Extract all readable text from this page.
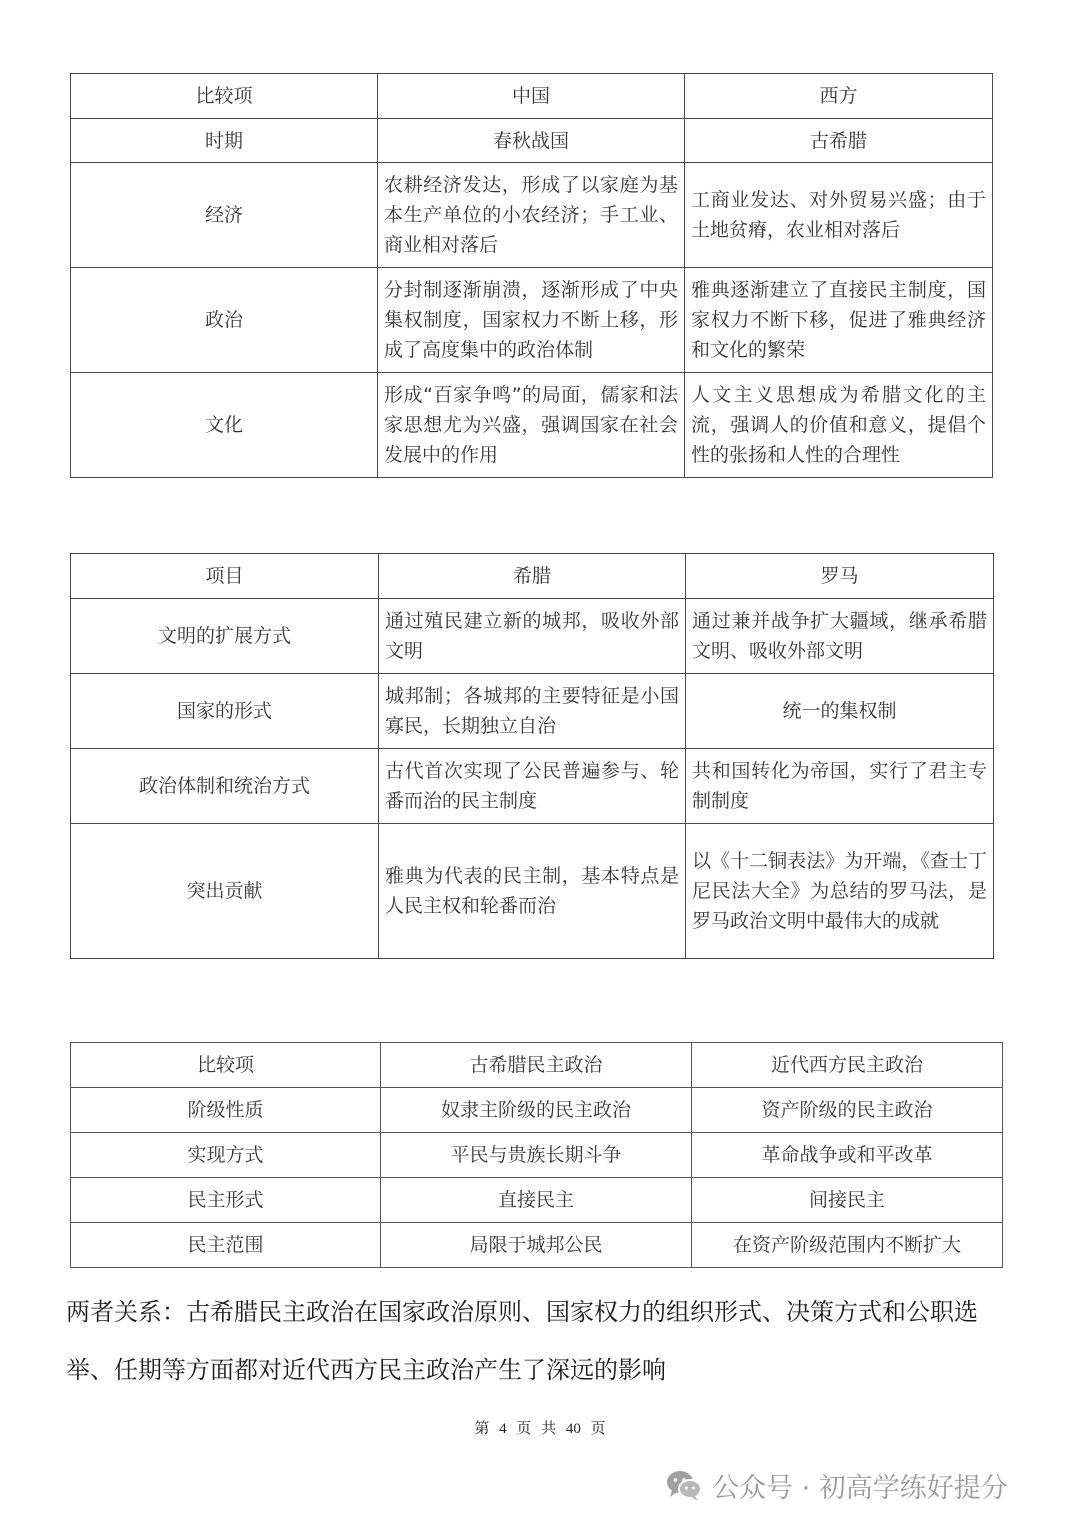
比较项	中国	西方
时期	春秋战国	古希腊
经济	农耕经济发达，形成了以家庭为基本生产单位的小农经济；手工业、商业相对落后	工商业发达、对外贸易兴盛；由于土地贫瘠，农业相对落后
政治	分封制逐渐崩溃，逐渐形成了中央集权制度，国家权力不断上移，形成了高度集中的政治体制	雅典逐渐建立了直接民主制度，国家权力不断下移，促进了雅典经济和文化的繁荣
文化	形成“百家争鸣”的局面，儒家和法家思想尤为兴盛，强调国家在社会发展中的作用	人文主义思想成为希腊文化的主流，强调人的价值和意义，提倡个性的张扬和人性的合理性
项目	希腊	罗马
文明的扩展方式	通过殖民建立新的城邦，吸收外部文明	通过兼并战争扩大疆域，继承希腊文明、吸收外部文明
国家的形式	城邦制；各城邦的主要特征是小国寡民，长期独立自治	统一的集权制
政治体制和统治方式	古代首次实现了公民普遍参与、轮番而治的民主制度	共和国转化为帝国，实行了君主专制制度
突出贡献	雅典为代表的民主制，基本特点是人民主权和轮番而治	以《十二铜表法》为开端，《查士丁尼民法大全》为总结的罗马法，是罗马政治文明中最伟大的成就
比较项	古希腊民主政治	近代西方民主政治
阶级性质	奴隶主阶级的民主政治	资产阶级的民主政治
实现方式	平民与贵族长期斗争	革命战争或和平改革
民主形式	直接民主	间接民主
民主范围	局限于城邦公民	在资产阶级范围内不断扩大

两者关系：古希腊民主政治在国家政治原则、国家权力的组织形式、决策方式和公职选举、任期等方面都对近代西方民主政治产生了深远的影响

第 4 页 共 40 页
公众号 · 初高学练好提分
